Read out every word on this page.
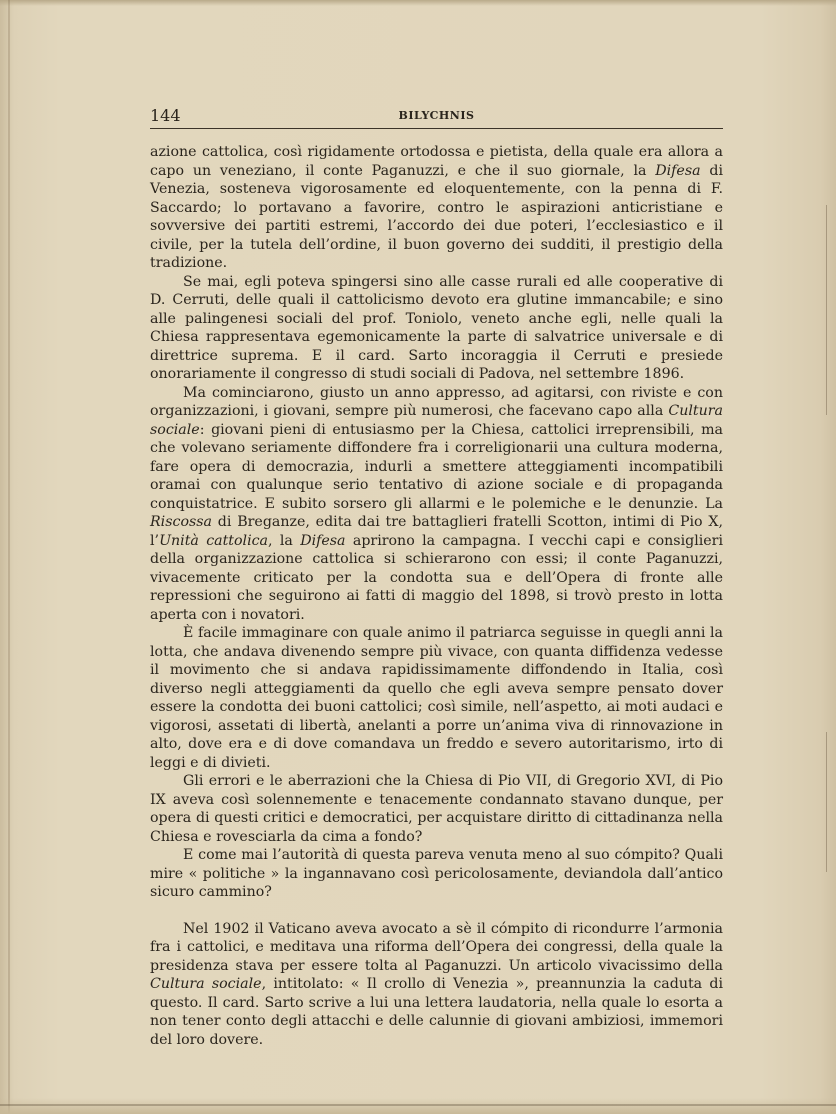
144	BILYCHNIS

azione cattolica, così rigidamente ortodossa e pietista, della quale era allora a capo un veneziano, il conte Paganuzzi, e che il suo giornale, la Difesa di Venezia, sosteneva vigorosamente ed eloquentemente, con la penna di F. Saccardo; lo portavano a favorire, contro le aspirazioni anticristiane e sovversive dei partiti estremi, l’accordo dei due poteri, l’ecclesiastico e il civile, per la tutela dell’ordine, il buon governo dei sudditi, il prestigio della tradizione.

Se mai, egli poteva spingersi sino alle casse rurali ed alle cooperative di D. Cerruti, delle quali il cattolicismo devoto era glutine immancabile; e sino alle palingenesi sociali del prof. Toniolo, veneto anche egli, nelle quali la Chiesa rappresentava egemonicamente la parte di salvatrice universale e di direttrice suprema. E il card. Sarto incoraggia il Cerruti e presiede onorariamente il congresso di studi sociali di Padova, nel settembre 1896.

Ma cominciarono, giusto un anno appresso, ad agitarsi, con riviste e con organizzazioni, i giovani, sempre più numerosi, che facevano capo alla Cultura sociale: giovani pieni di entusiasmo per la Chiesa, cattolici irreprensibili, ma che volevano seriamente diffondere fra i correligionarii una cultura moderna, fare opera di democrazia, indurli a smettere atteggiamenti incompatibili oramai con qualunque serio tentativo di azione sociale e di propaganda conquistatrice. E subito sorsero gli allarmi e le polemiche e le denunzie. La Riscossa di Breganze, edita dai tre battaglieri fratelli Scotton, intimi di Pio X, l’Unità cattolica, la Difesa aprirono la campagna. I vecchi capi e consiglieri della organizzazione cattolica si schierarono con essi; il conte Paganuzzi, vivacemente criticato per la condotta sua e dell’Opera di fronte alle repressioni che seguirono ai fatti di maggio del 1898, si trovò presto in lotta aperta con i novatori.

È facile immaginare con quale animo il patriarca seguisse in quegli anni la lotta, che andava divenendo sempre più vivace, con quanta diffidenza vedesse il movimento che si andava rapidissimamente diffondendo in Italia, così diverso negli atteggiamenti da quello che egli aveva sempre pensato dover essere la condotta dei buoni cattolici; così simile, nell’aspetto, ai moti audaci e vigorosi, assetati di libertà, anelanti a porre un’anima viva di rinnovazione in alto, dove era e di dove comandava un freddo e severo autoritarismo, irto di leggi e di divieti.

Gli errori e le aberrazioni che la Chiesa di Pio VII, di Gregorio XVI, di Pio IX aveva così solennemente e tenacemente condannato stavano dunque, per opera di questi critici e democratici, per acquistare diritto di cittadinanza nella Chiesa e rovesciarla da cima a fondo?

E come mai l’autorità di questa pareva venuta meno al suo cómpito? Quali mire « politiche » la ingannavano così pericolosamente, deviandola dall’antico sicuro cammino?

Nel 1902 il Vaticano aveva avocato a sè il cómpito di ricondurre l’armonia fra i cattolici, e meditava una riforma dell’Opera dei congressi, della quale la presidenza stava per essere tolta al Paganuzzi. Un articolo vivacissimo della Cultura sociale, intitolato: « Il crollo di Venezia », preannunzia la caduta di questo. Il card. Sarto scrive a lui una lettera laudatoria, nella quale lo esorta a non tener conto degli attacchi e delle calunnie di giovani ambiziosi, immemori del loro dovere.
